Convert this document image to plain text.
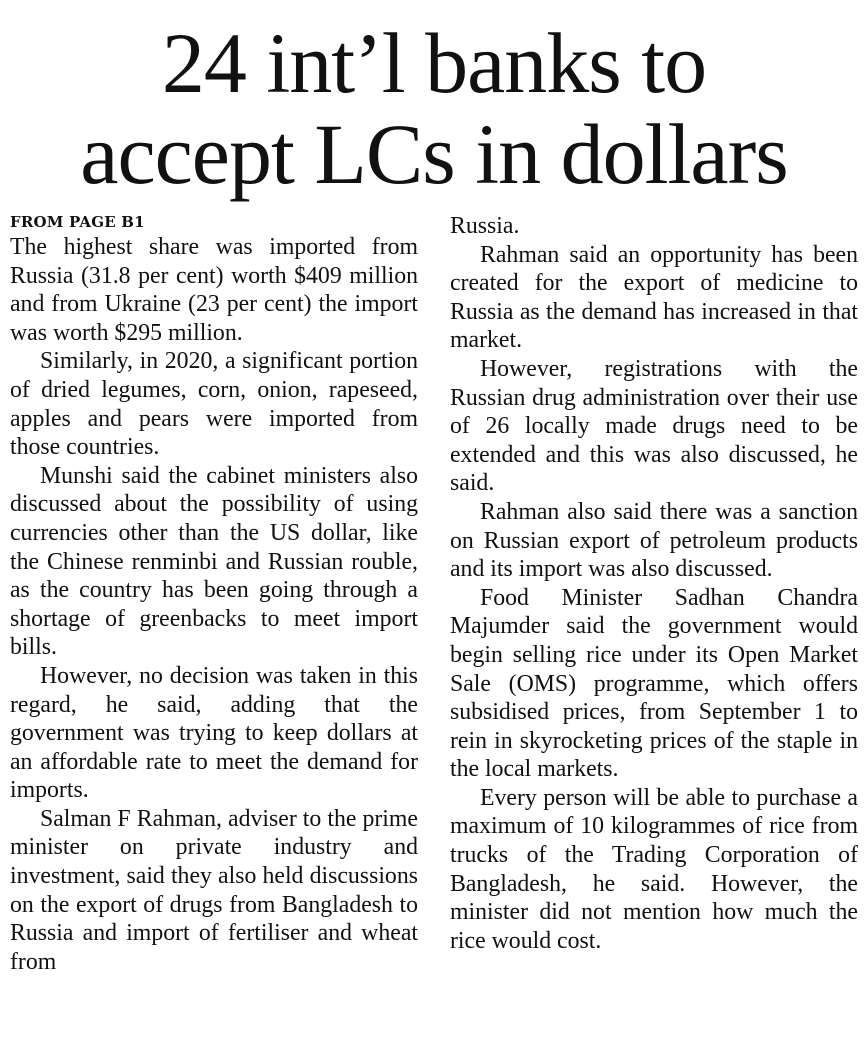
24 int’l banks to
accept LCs in dollars
FROM PAGE B1

The highest share was imported from Russia (31.8 per cent) worth $409 million and from Ukraine (23 per cent) the import was worth $295 million.

Similarly, in 2020, a significant portion of dried legumes, corn, onion, rapeseed, apples and pears were imported from those countries.

Munshi said the cabinet ministers also discussed about the possibility of using currencies other than the US dollar, like the Chinese renminbi and Russian rouble, as the country has been going through a shortage of greenbacks to meet import bills.

However, no decision was taken in this regard, he said, adding that the government was trying to keep dollars at an affordable rate to meet the demand for imports.

Salman F Rahman, adviser to the prime minister on private industry and investment, said they also held discussions on the export of drugs from Bangladesh to Russia and import of fertiliser and wheat from

Russia.

Rahman said an opportunity has been created for the export of medicine to Russia as the demand has increased in that market.

However, registrations with the Russian drug administration over their use of 26 locally made drugs need to be extended and this was also discussed, he said.

Rahman also said there was a sanction on Russian export of petroleum products and its import was also discussed.

Food Minister Sadhan Chandra Majumder said the government would begin selling rice under its Open Market Sale (OMS) programme, which offers subsidised prices, from September 1 to rein in skyrocketing prices of the staple in the local markets.

Every person will be able to purchase a maximum of 10 kilogrammes of rice from trucks of the Trading Corporation of Bangladesh, he said. However, the minister did not mention how much the rice would cost.
